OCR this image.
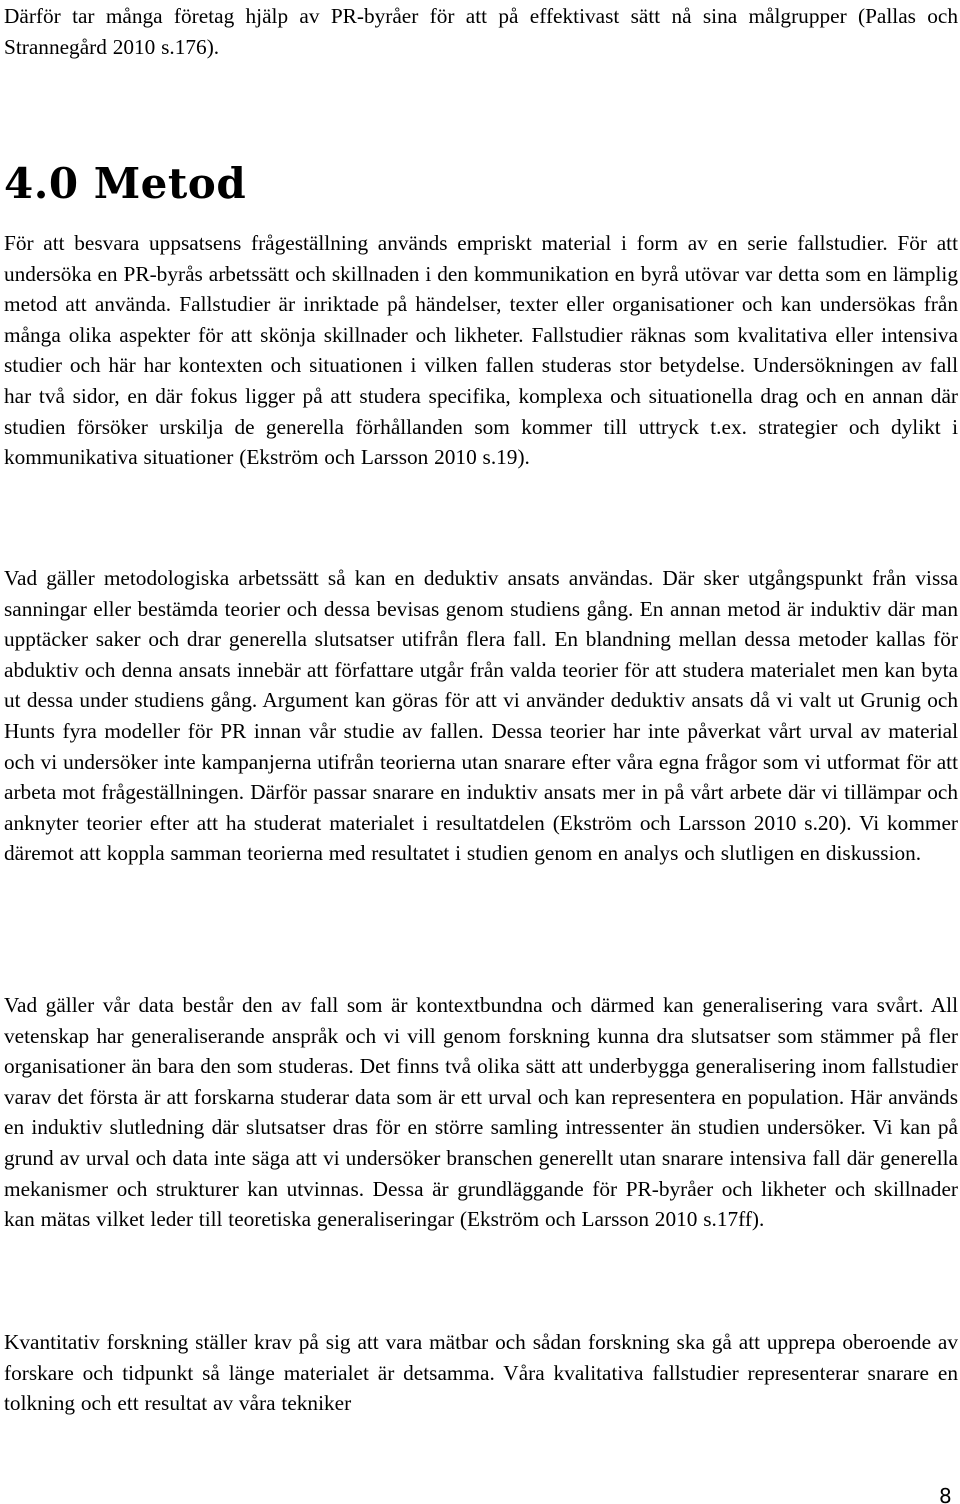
Därför tar många företag hjälp av PR-byråer för att på effektivast sätt nå sina målgrupper (Pallas och Strannegård 2010 s.176).

4.0 Metod

För att besvara uppsatsens frågeställning används empriskt material i form av en serie fallstudier. För att undersöka en PR-byrås arbetssätt och skillnaden i den kommunikation en byrå utövar var detta som en lämplig metod att använda. Fallstudier är inriktade på händelser, texter eller organisationer och kan undersökas från många olika aspekter för att skönja skillnader och likheter. Fallstudier räknas som kvalitativa eller intensiva studier och här har kontexten och situationen i vilken fallen studeras stor betydelse. Undersökningen av fall har två sidor, en där fokus ligger på att studera specifika, komplexa och situationella drag och en annan där studien försöker urskilja de generella förhållanden som kommer till uttryck t.ex. strategier och dylikt i kommunikativa situationer (Ekström och Larsson 2010 s.19).

Vad gäller metodologiska arbetssätt så kan en deduktiv ansats användas. Där sker utgångspunkt från vissa sanningar eller bestämda teorier och dessa bevisas genom studiens gång. En annan metod är induktiv där man upptäcker saker och drar generella slutsatser utifrån flera fall. En blandning mellan dessa metoder kallas för abduktiv och denna ansats innebär att författare utgår från valda teorier för att studera materialet men kan byta ut dessa under studiens gång. Argument kan göras för att vi använder deduktiv ansats då vi valt ut Grunig och Hunts fyra modeller för PR innan vår studie av fallen. Dessa teorier har inte påverkat vårt urval av material och vi undersöker inte kampanjerna utifrån teorierna utan snarare efter våra egna frågor som vi utformat för att arbeta mot frågeställningen. Därför passar snarare en induktiv ansats mer in på vårt arbete där vi tillämpar och anknyter teorier efter att ha studerat materialet i resultatdelen (Ekström och Larsson 2010 s.20). Vi kommer däremot att koppla samman teorierna med resultatet i studien genom en analys och slutligen en diskussion.

Vad gäller vår data består den av fall som är kontextbundna och därmed kan generalisering vara svårt. All vetenskap har generaliserande anspråk och vi vill genom forskning kunna dra slutsatser som stämmer på fler organisationer än bara den som studeras. Det finns två olika sätt att underbygga generalisering inom fallstudier varav det första är att forskarna studerar data som är ett urval och kan representera en population. Här används en induktiv slutledning där slutsatser dras för en större samling intressenter än studien undersöker. Vi kan på grund av urval och data inte säga att vi undersöker branschen generellt utan snarare intensiva fall där generella mekanismer och strukturer kan utvinnas. Dessa är grundläggande för PR-byråer och likheter och skillnader kan mätas vilket leder till teoretiska generaliseringar (Ekström och Larsson 2010 s.17ff).

Kvantitativ forskning ställer krav på sig att vara mätbar och sådan forskning ska gå att upprepa oberoende av forskare och tidpunkt så länge materialet är detsamma. Våra kvalitativa fallstudier representerar snarare en tolkning och ett resultat av våra tekniker

8
